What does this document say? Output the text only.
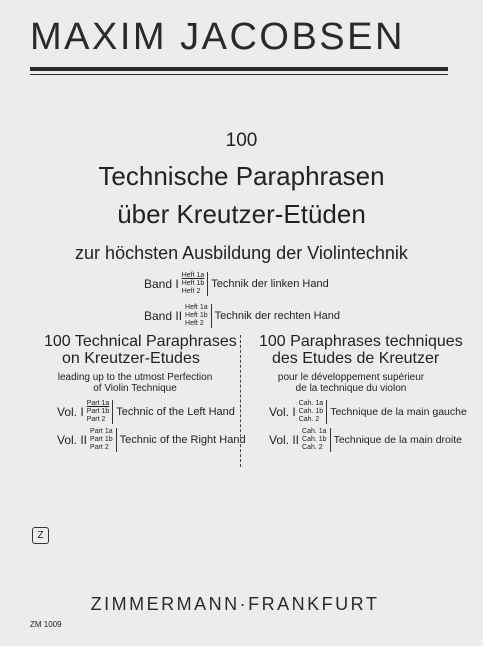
MAXIM JACOBSEN
100
Technische Paraphrasen
über Kreutzer-Etüden
zur höchsten Ausbildung der Violintechnik
Band I
Heft 1a
Heft 1b
Heft 2
Technik der linken Hand
Band II
Heft 1a
Heft 1b
Heft 2
Technik der rechten Hand
100 Technical Paraphrases
on Kreutzer-Etudes
leading up to the utmost Perfection
of Violin Technique
Vol. I
Part 1a
Part 1b
Part 2
Technic of the Left Hand
Vol. II
Part 1a
Part 1b
Part 2
Technic of the Right Hand
100 Paraphrases techniques
des Etudes de Kreutzer
pour le développement supérieur
de la technique du violon
Vol. I
Cah. 1a
Cah. 1b
Cah. 2
Technique de la main gauche
Vol. II
Cah. 1a
Cah. 1b
Cah. 2
Technique de la main droite
Z
ZIMMERMANN·FRANKFURT
ZM 1009
